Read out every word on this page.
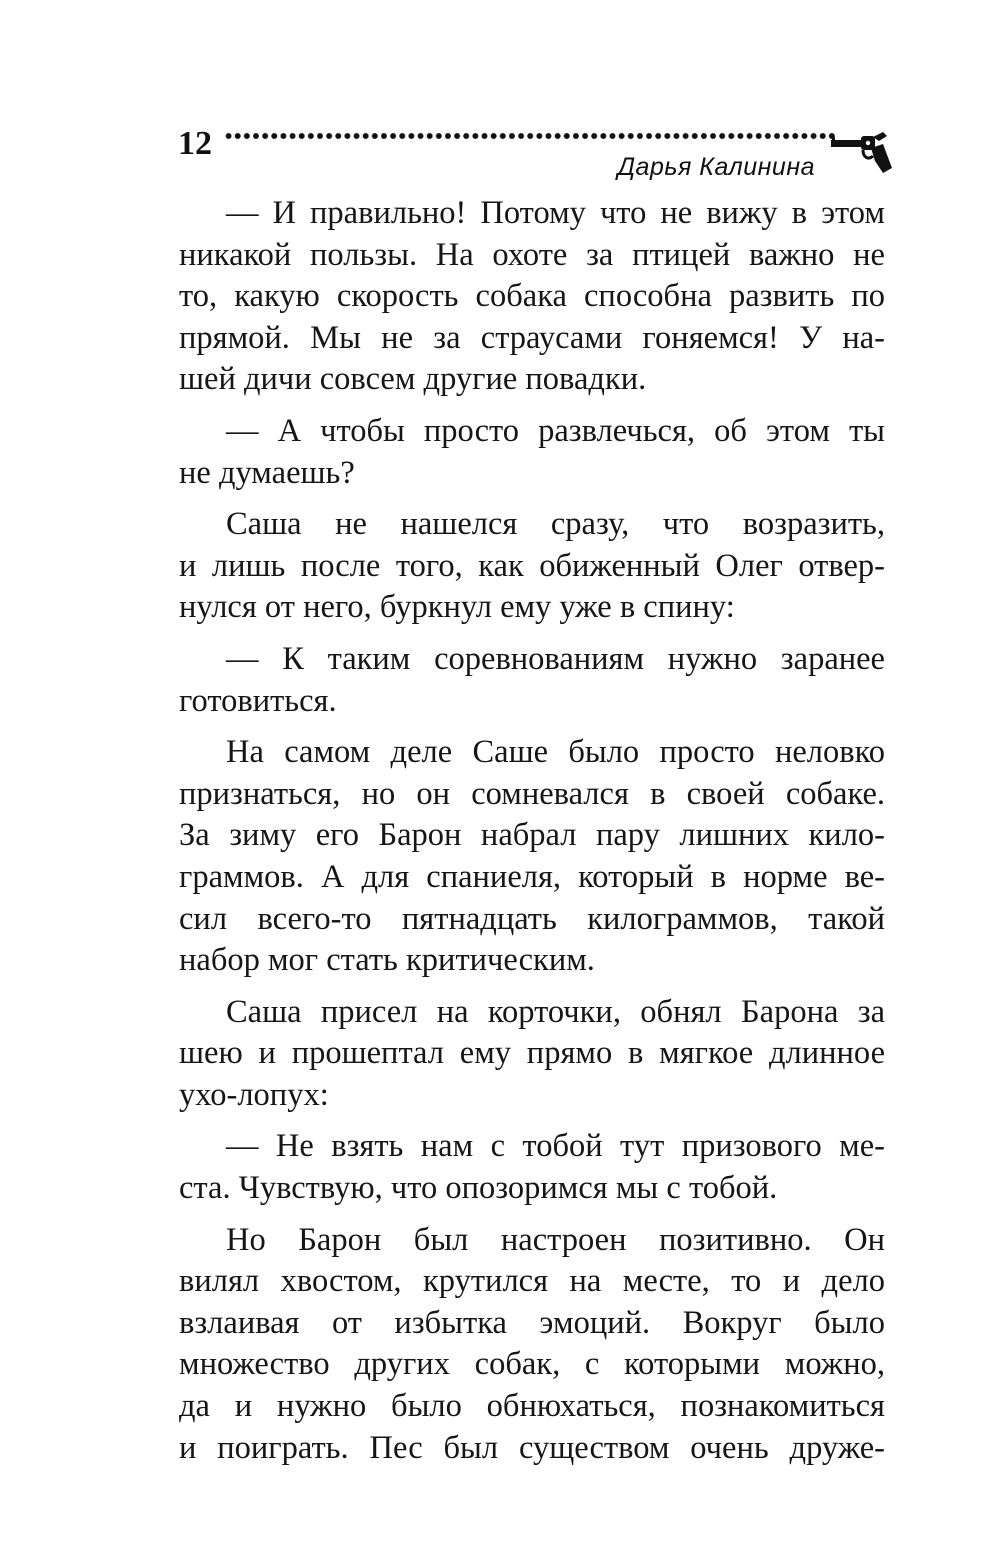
12
Дарья Калинина
— И правильно! Потому что не вижу в этом
никакой пользы. На охоте за птицей важно не
то, какую скорость собака способна развить по
прямой. Мы не за страусами гоняемся! У на-
шей дичи совсем другие повадки.
— А чтобы просто развлечься, об этом ты
не думаешь?
Саша не нашелся сразу, что возразить,
и лишь после того, как обиженный Олег отвер-
нулся от него, буркнул ему уже в спину:
— К таким соревнованиям нужно заранее
готовиться.
На самом деле Саше было просто неловко
признаться, но он сомневался в своей собаке.
За зиму его Барон набрал пару лишних кило-
граммов. А для спаниеля, который в норме ве-
сил всего-то пятнадцать килограммов, такой
набор мог стать критическим.
Саша присел на корточки, обнял Барона за
шею и прошептал ему прямо в мягкое длинное
ухо-лопух:
— Не взять нам с тобой тут призового ме-
ста. Чувствую, что опозоримся мы с тобой.
Но Барон был настроен позитивно. Он
вилял хвостом, крутился на месте, то и дело
взлаивая от избытка эмоций. Вокруг было
множество других собак, с которыми можно,
да и нужно было обнюхаться, познакомиться
и поиграть. Пес был существом очень друже-
